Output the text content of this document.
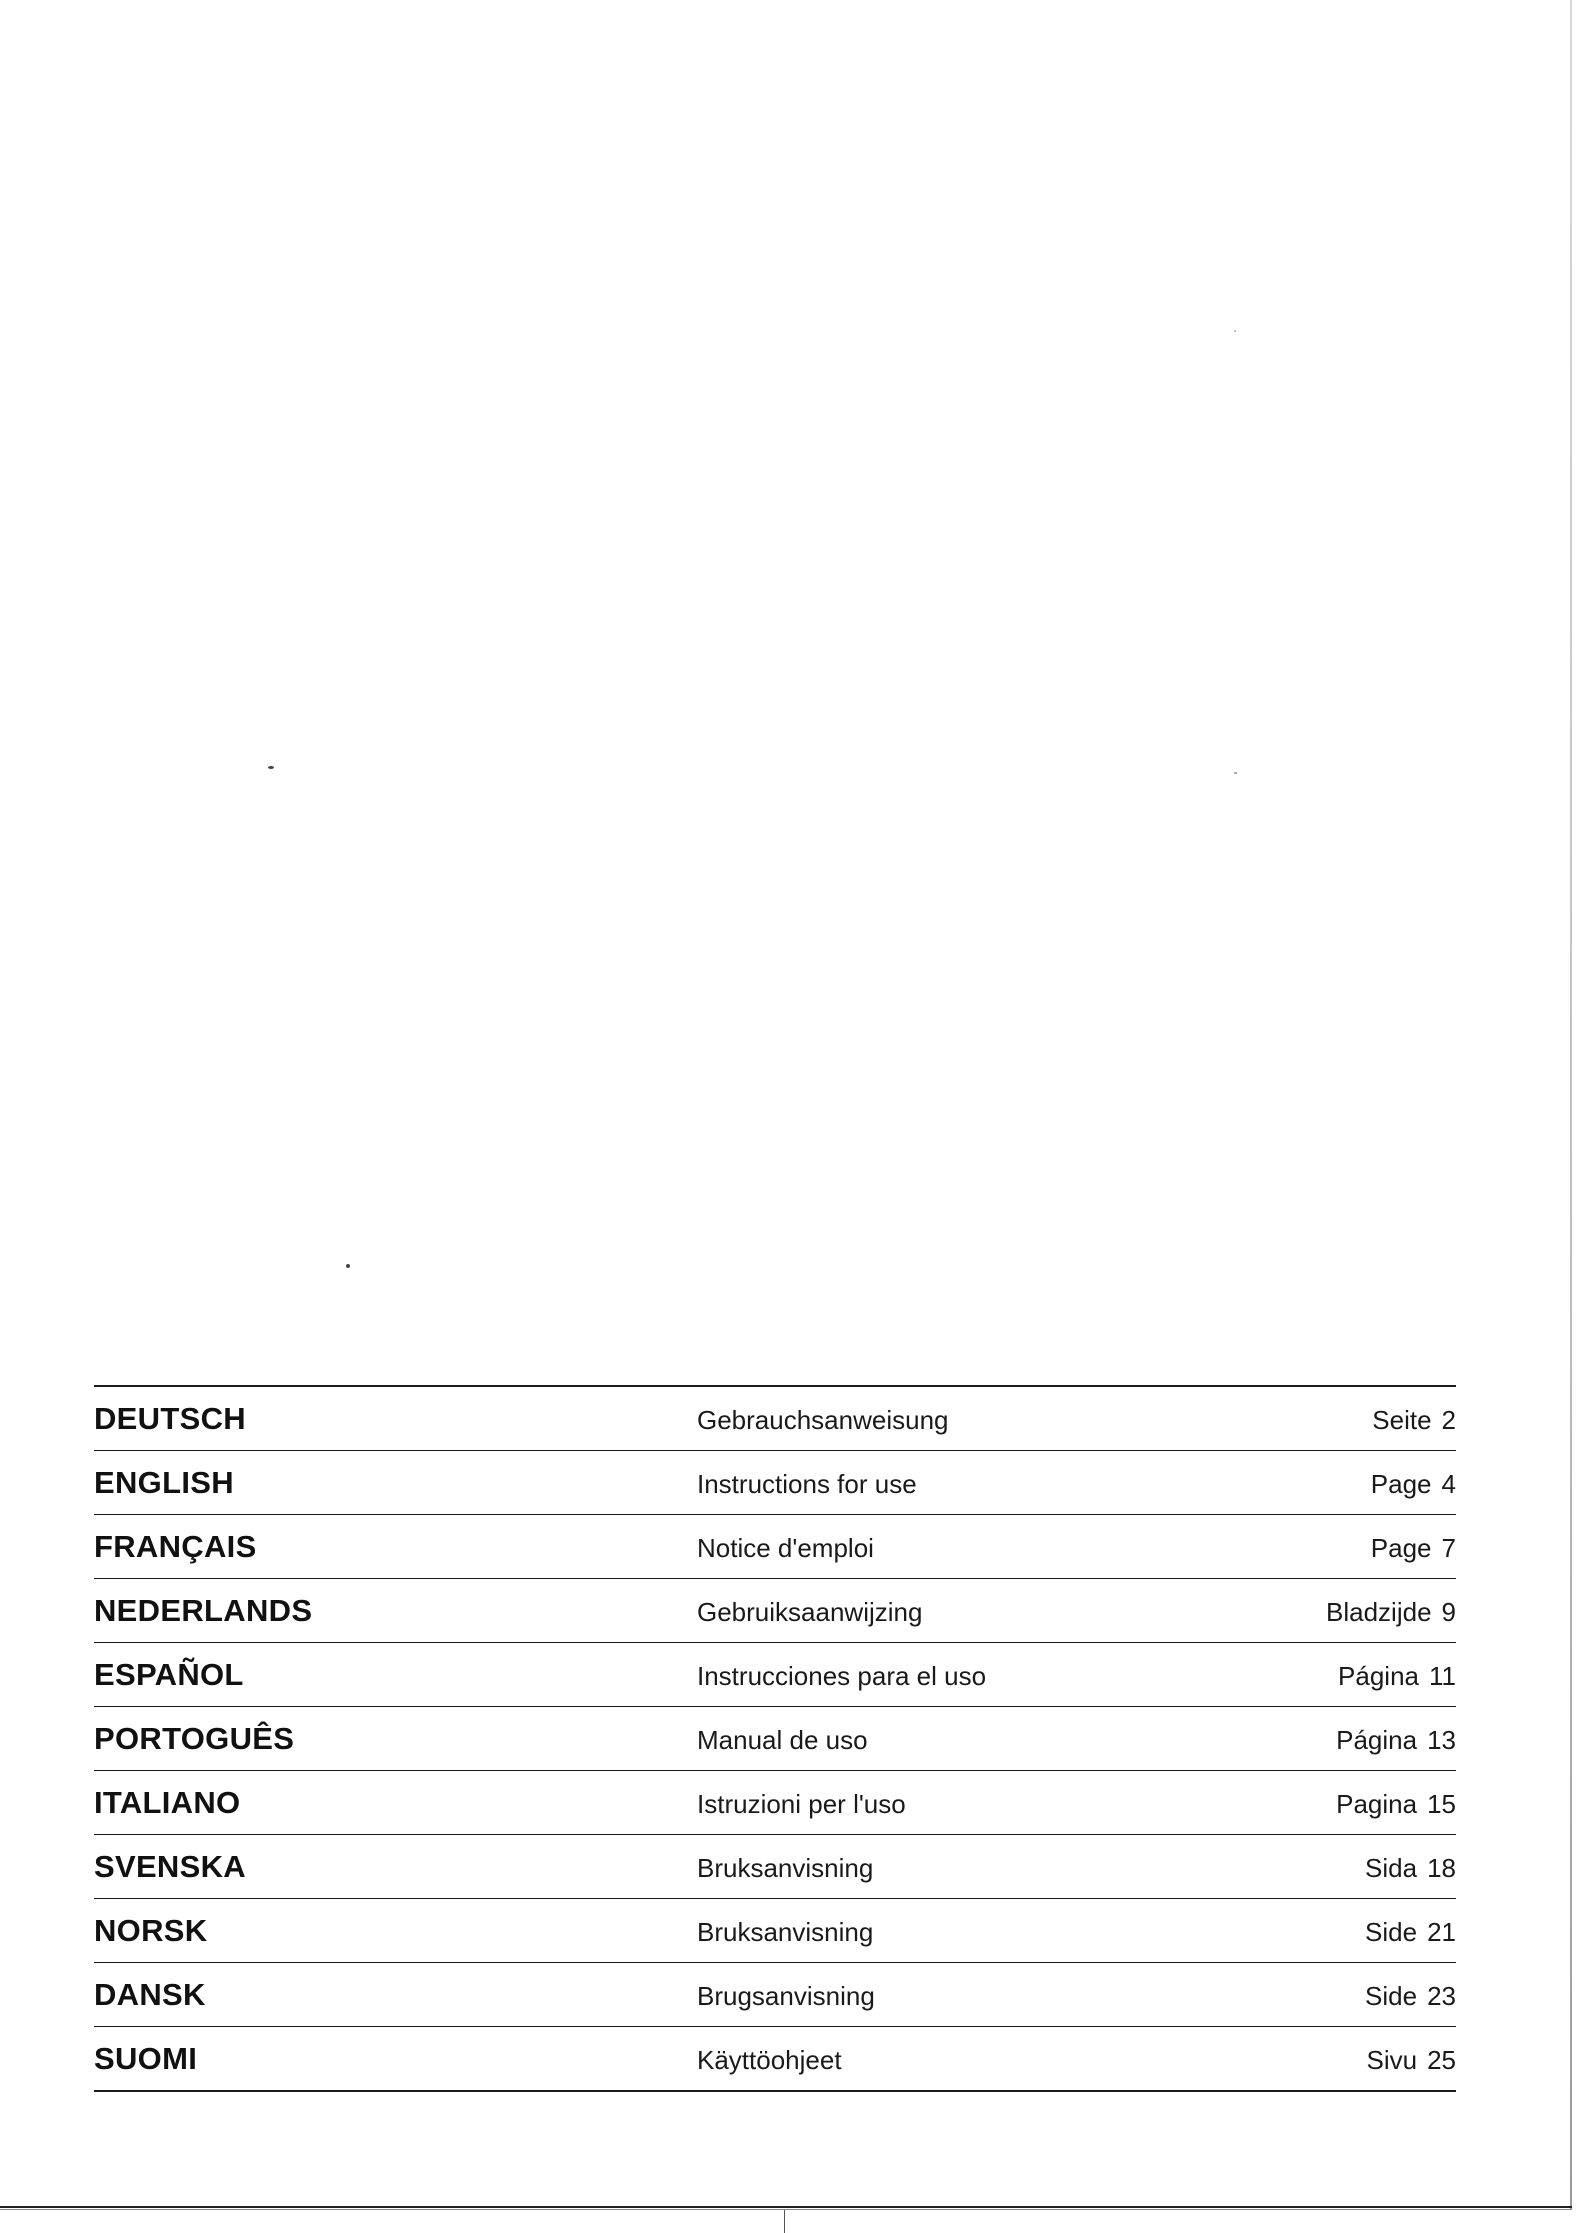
DEUTSCH	Gebrauchsanweisung	Seite 2
ENGLISH	Instructions for use	Page 4
FRANÇAIS	Notice d'emploi	Page 7
NEDERLANDS	Gebruiksaanwijzing	Bladzijde 9
ESPAÑOL	Instrucciones para el uso	Página 11
PORTOGUÊS	Manual de uso	Página 13
ITALIANO	Istruzioni per l'uso	Pagina 15
SVENSKA	Bruksanvisning	Sida 18
NORSK	Bruksanvisning	Side 21
DANSK	Brugsanvisning	Side 23
SUOMI	Käyttöohjeet	Sivu 25
